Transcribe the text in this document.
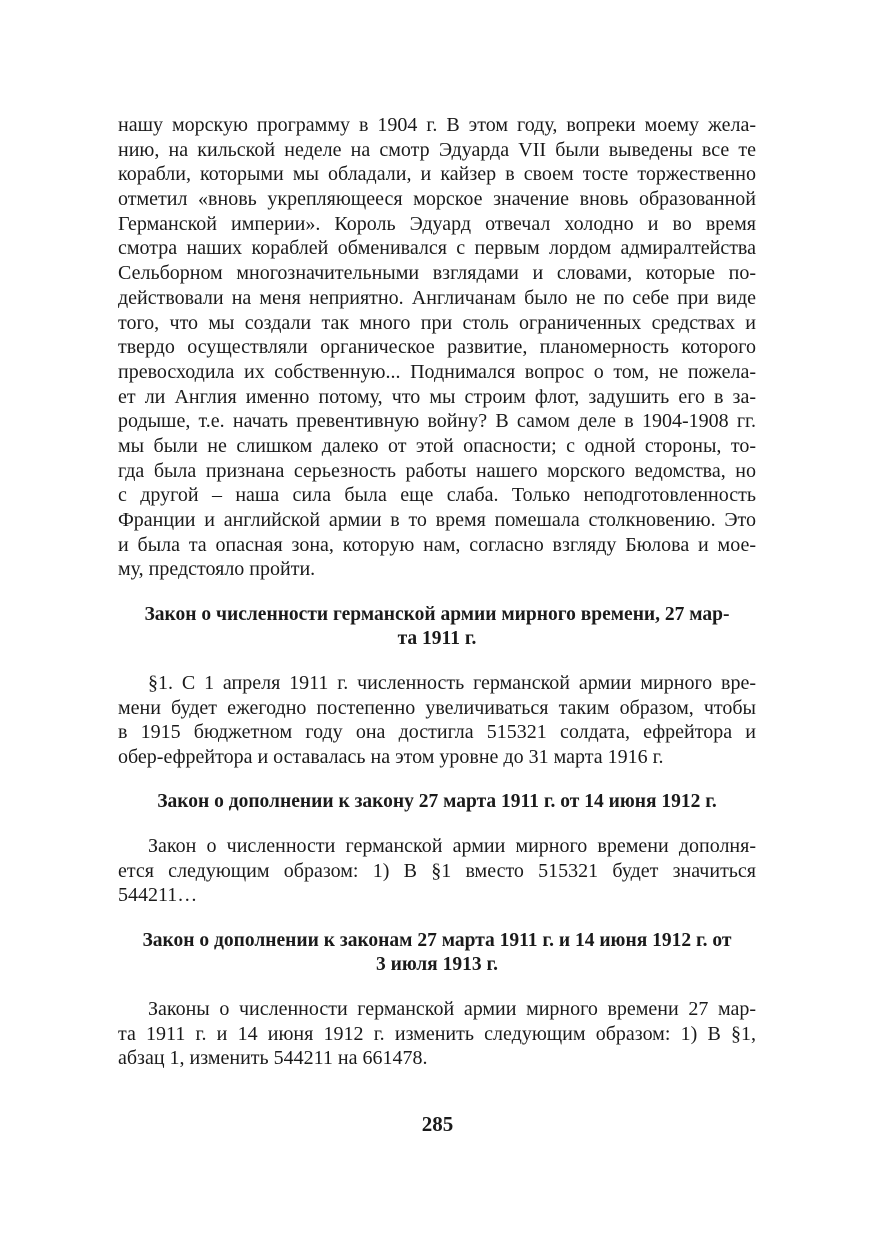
нашу морскую программу в 1904 г. В этом году, вопреки моему жела-
нию, на кильской неделе на смотр Эдуарда VII были выведены все те
корабли, которыми мы обладали, и кайзер в своем тосте торжественно
отметил «вновь укрепляющееся морское значение вновь образованной
Германской империи». Король Эдуард отвечал холодно и во время
смотра наших кораблей обменивался с первым лордом адмиралтейства
Сельборном многозначительными взглядами и словами, которые по-
действовали на меня неприятно. Англичанам было не по себе при виде
того, что мы создали так много при столь ограниченных средствах и
твердо осуществляли органическое развитие, планомерность которого
превосходила их собственную... Поднимался вопрос о том, не пожела-
ет ли Англия именно потому, что мы строим флот, задушить его в за-
родыше, т.е. начать превентивную войну? В самом деле в 1904-1908 гг.
мы были не слишком далеко от этой опасности; с одной стороны, то-
гда была признана серьезность работы нашего морского ведомства, но
с другой – наша сила была еще слаба. Только неподготовленность
Франции и английской армии в то время помешала столкновению. Это
и была та опасная зона, которую нам, согласно взгляду Бюлова и мое-
му, предстояло пройти.

Закон о численности германской армии мирного времени, 27 мар-
та 1911 г.

§1. С 1 апреля 1911 г. численность германской армии мирного вре-
мени будет ежегодно постепенно увеличиваться таким образом, чтобы
в 1915 бюджетном году она достигла 515321 солдата, ефрейтора и
обер-ефрейтора и оставалась на этом уровне до 31 марта 1916 г.

Закон о дополнении к закону 27 марта 1911 г. от 14 июня 1912 г.

Закон о численности германской армии мирного времени дополня-
ется следующим образом: 1) В §1 вместо 515321 будет значиться
544211…

Закон о дополнении к законам 27 марта 1911 г. и 14 июня 1912 г. от
3 июля 1913 г.

Законы о численности германской армии мирного времени 27 мар-
та 1911 г. и 14 июня 1912 г. изменить следующим образом: 1) В §1,
абзац 1, изменить 544211 на 661478.

285
